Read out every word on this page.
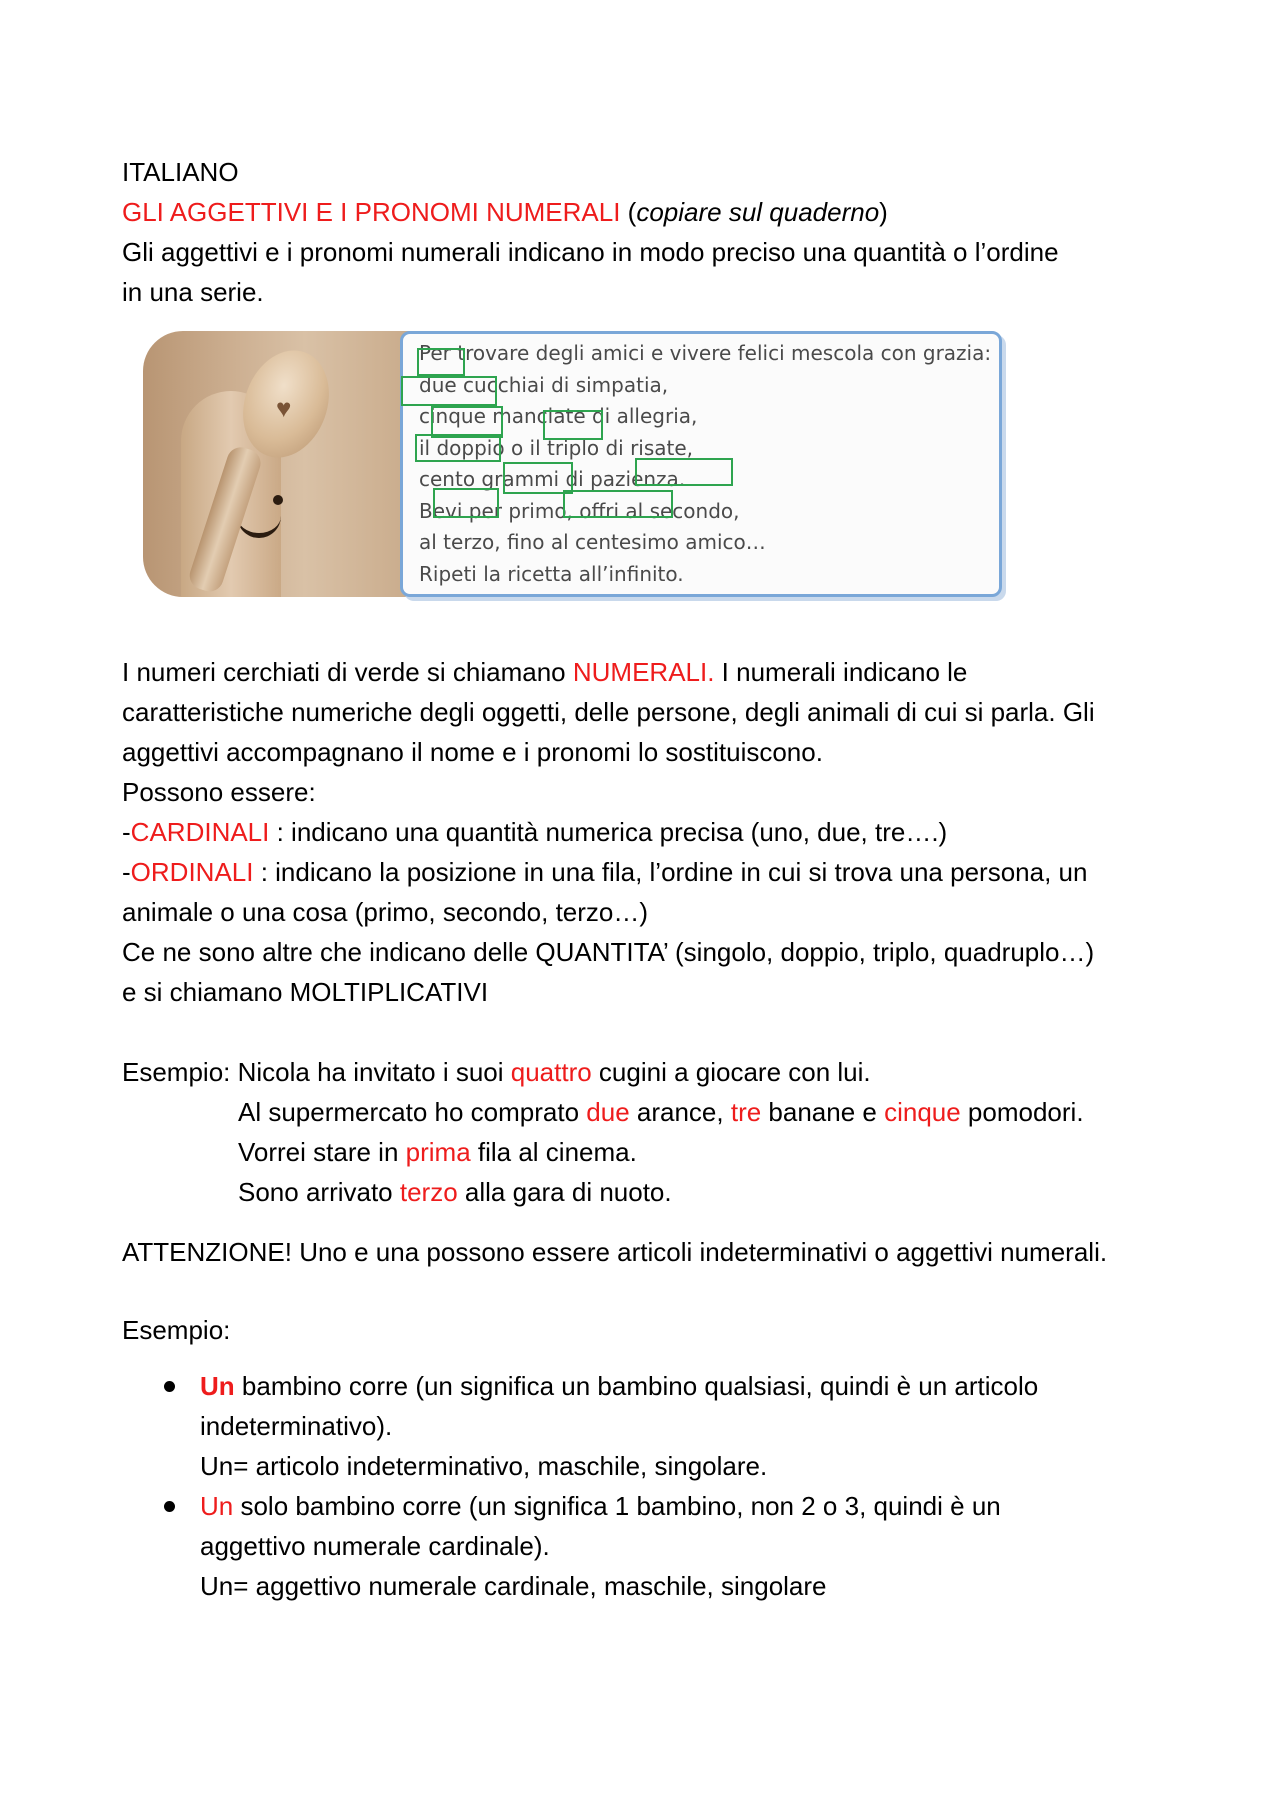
ITALIANO
GLI AGGETTIVI E I PRONOMI NUMERALI (copiare sul quaderno)
Gli aggettivi e i pronomi numerali indicano in modo preciso una quantità o l’ordine
in una serie.
♥
Per trovare degli amici e vivere felici mescola con grazia:
due cucchiai di simpatia,
cinque manciate di allegria,
il doppio o il triplo di risate,
cento grammi di pazienza.
Bevi per primo, offri al secondo,
al terzo, fino al centesimo amico…
Ripeti la ricetta all’infinito.
I numeri cerchiati di verde si chiamano NUMERALI. I numerali indicano le
caratteristiche numeriche degli oggetti, delle persone, degli animali di cui si parla. Gli
aggettivi accompagnano il nome e i pronomi lo sostituiscono.
Possono essere:
-CARDINALI : indicano una quantità numerica precisa (uno, due, tre….)
-ORDINALI : indicano la posizione in una fila, l’ordine in cui si trova una persona, un
animale o una cosa (primo, secondo, terzo…)
Ce ne sono altre che indicano delle QUANTITA’ (singolo, doppio, triplo, quadruplo…)
e si chiamano MOLTIPLICATIVI
Esempio: Nicola ha invitato i suoi quattro cugini a giocare con lui.
Al supermercato ho comprato due arance, tre banane e cinque pomodori.
Vorrei stare in prima fila al cinema.
Sono arrivato terzo alla gara di nuoto.
ATTENZIONE! Uno e una possono essere articoli indeterminativi o aggettivi numerali.
Esempio:
Un bambino corre (un significa un bambino qualsiasi, quindi è un articolo
indeterminativo).
Un= articolo indeterminativo, maschile, singolare.
Un solo bambino corre (un significa 1 bambino, non 2 o 3, quindi è un
aggettivo numerale cardinale).
Un= aggettivo numerale cardinale, maschile, singolare
